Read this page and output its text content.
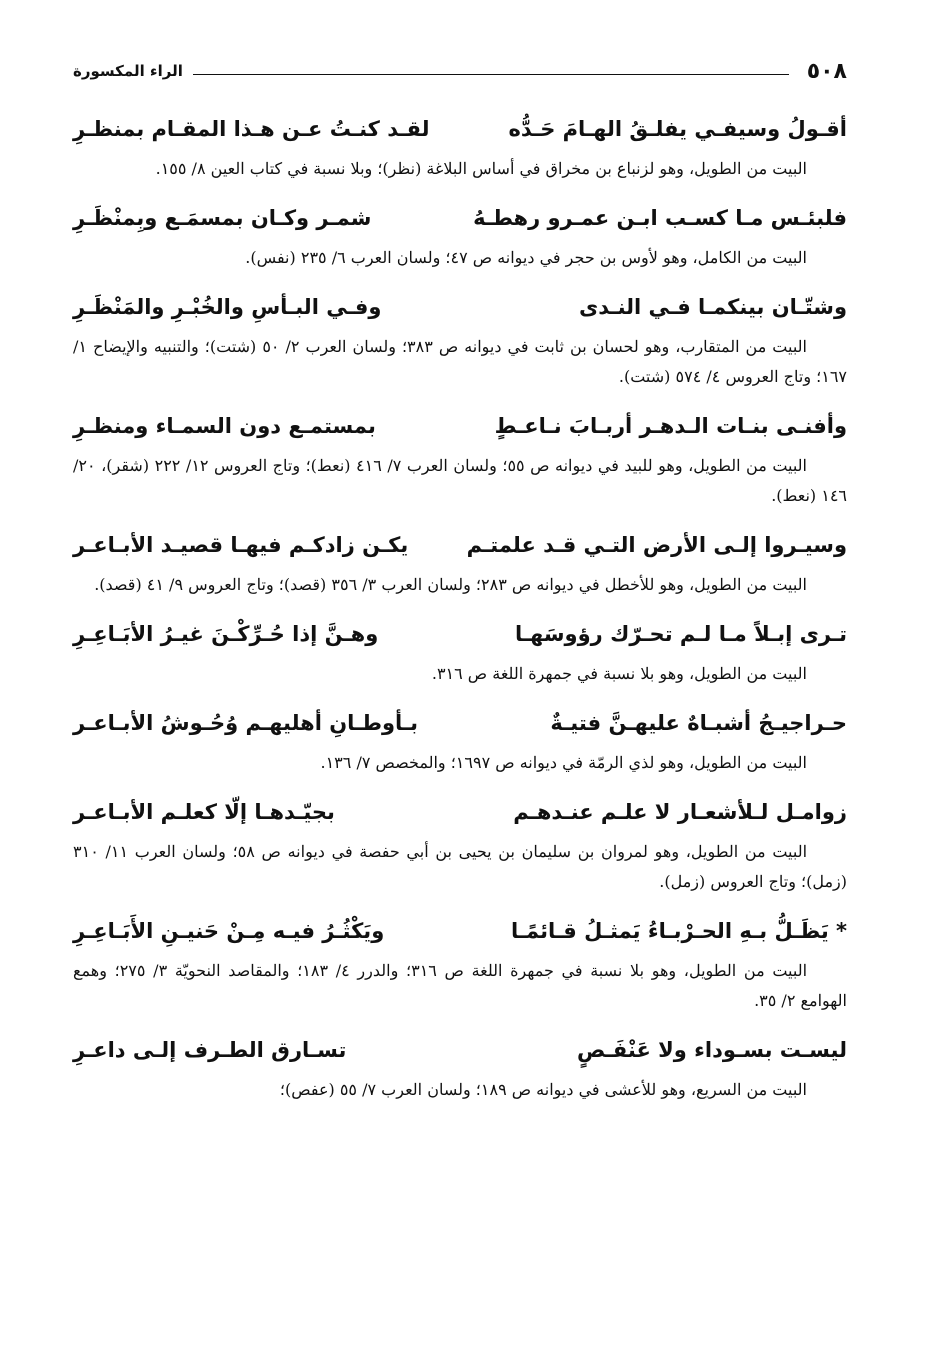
٥٠٨
الراء المكسورة
أقـولُ وسيفـي يفلـقُ الهـامَ حَـدُّه
لقـد كنـتُ عـن هـذا المقـام بمنظـرِ

البيت من الطويل، وهو لزنباع بن مخراق في أساس البلاغة (نظر)؛ وبلا نسبة في كتاب العين ٨/ ١٥٥.

فلبئـس مـا كسـب ابـن عمـرو رهطـهُ
شمـر وكـان بمسمَـع وبِمنْظَـرِ

البيت من الكامل، وهو لأوس بن حجر في ديوانه ص ٤٧؛ ولسان العرب ٦/ ٢٣٥ (نفس).

وشتّـان بينكمـا فـي النـدى
وفـي البـأسِ والخُبْـرِ والمَنْظَـرِ

البيت من المتقارب، وهو لحسان بن ثابت في ديوانه ص ٣٨٣؛ ولسان العرب ٢/ ٥٠ (شتت)؛ والتنبيه والإيضاح ١/ ١٦٧؛ وتاج العروس ٤/ ٥٧٤ (شتت).

وأفنـى بنـات الـدهـر أربـابَ نـاعـطٍ
بمستمـع دون السمـاء ومنظـرِ

البيت من الطويل، وهو للبيد في ديوانه ص ٥٥؛ ولسان العرب ٧/ ٤١٦ (نعط)؛ وتاج العروس ١٢/ ٢٢٢ (شقر)، ٢٠/ ١٤٦ (نعط).

وسيـروا إلـى الأرض التـي قـد علمتـم
يكـن زادكـم فيهـا قصيـد الأبـاعـر

البيت من الطويل، وهو للأخطل في ديوانه ص ٢٨٣؛ ولسان العرب ٣/ ٣٥٦ (قصد)؛ وتاج العروس ٩/ ٤١ (قصد).

تـرى إبـلاً مـا لـم تحـرّك رؤوسَهـا
وهـنَّ إذا حُـرِّكْـنَ غيـرُ الأبَـاعِـرِ

البيت من الطويل، وهو بلا نسبة في جمهرة اللغة ص ٣١٦.

حـراجيـجُ أشبـاهٌ عليهـنَّ فتيـةٌ
بـأوطـانِ أهليهـم وُحُـوشُ الأبـاعـر

البيت من الطويل، وهو لذي الرمّة في ديوانه ص ١٦٩٧؛ والمخصص ٧/ ١٣٦.

زوامـل لـلأشعـار لا علـم عنـدهـم
بجيّـدهـا إلّا كعلـم الأبـاعـر

البيت من الطويل، وهو لمروان بن سليمان بن يحيى بن أبي حفصة في ديوانه ص ٥٨؛ ولسان العرب ١١/ ٣١٠ (زمل)؛ وتاج العروس (زمل).

* يَظَـلُّ بـهِ الحـرْبـاءُ يَمثـلُ قـائمًـا
ويَكْثُـرُ فيـه مِـنْ حَنيـنِ الأَبَـاعِـرِ

البيت من الطويل، وهو بلا نسبة في جمهرة اللغة ص ٣١٦؛ والدرر ٤/ ١٨٣؛ والمقاصد النحويّة ٣/ ٢٧٥؛ وهمع الهوامع ٢/ ٣٥.

ليسـت بسـوداء ولا عَنْفَـصٍ
تسـارق الطـرف إلـى داعـرِ

البيت من السريع، وهو للأعشى في ديوانه ص ١٨٩؛ ولسان العرب ٧/ ٥٥ (عفص)؛
